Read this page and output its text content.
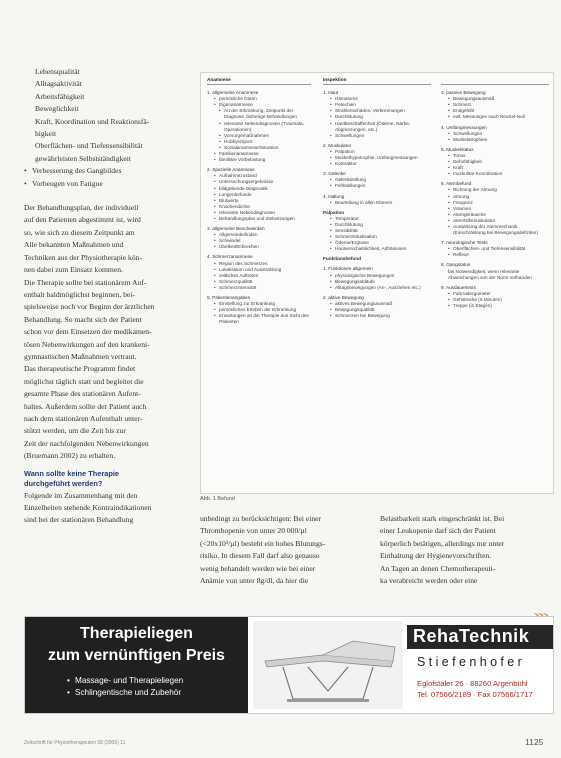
Lebensqualität

Alltagsaktivität

Arbeitsfähigkeit

Beweglichkeit

Kraft, Koordination und Reaktionsfä-

higkeit

Oberflächen- und Tiefensensibilität

gewährleisten Selbstständigkeit

• Verbesserung des Gangbildes
• Vorbeugen von Fatigue

Der Behandlungsplan, der individuell

auf den Patienten abgestimmt ist, wird

so, wie sich zu diesem Zeitpunkt am

Alle bekannten Maßnahmen und

Techniken aus der Physiotherapie kön-

nen dabei zum Einsatz kommen.

Die Therapie sollte bei stationärem Auf-

enthalt baldmöglichst beginnen, bei-

spielsweise noch vor Beginn der ärztlichen

Behandlung. So macht sich der Patient

schon vor dem Einsetzen der medikamen-

tösen Nebenwirkungen auf den krankeni-

gymnastischen Maßnahmen vertraut.

Das therapeutische Programm findet

möglichst täglich statt und begleitet die

gesamte Phase des stationären Aufent-

haltes. Außerdem sollte der Patient auch

nach dem stationären Aufenthalt unter-

stützt werden, um die Zeit bis zur

Zeit der nachfolgenden Nebenwirkungen

(Bruemann 2002) zu erhalten.

Wann sollte keine Therapie

durchgeführt werden?

Folgende im Zusammenhang mit den

Einzelheiten stehende Kontraindikationen

sind bei der stationären Behandlung

Anamnese
1. allgemeine Anamnese
• persönliche Daten
• Eigenanamnese
• Art der Erkrankung, Zeitpunkt der Diagnose, bisherige Behandlungen
• relevante Nebendiagnosen (Traumata, Operationen)
• Vorsorgemaßnahmen
• Hobbys/Sport
• Sozialanamnese/Situation
• Familienanamnese
• familiäre Vorbelastung
2. Spezielle Anamnese
• Aufnahmezustand
• Untersuchungsergebnisse
• bildgebende Diagnostik
• Lungenbefunde
• Blutwerte
• Knochendichte
• relevante Nebendiagnosen
• Behandlungsplan und Zielsetzungen
3. allgemeine Beschwerden
• Allgemeinbefinden
• Schwindel
• Übelkeit/Erbrechen
4. Schmerzanamnese
• Region des Schmerzes
• Lokalisation und Ausstrahlung
• zeitliches Auftreten
• Schmerzqualität
• Schmerzintensität
5. Patientenangaben
• Einstellung zur Erkrankung
• persönliches Erleben der Erkrankung
• Erwartungen an die Therapie aus Sicht des Patienten
Inspektion
1. Haut
• Hämatome
• Petechien
• Strahlenschäden, Verbrennungen
• Durchblutung
• Hautbeschaffenheit (Ödeme, Narbe, Abgrenzungen, etc.)
• Schwellungen
2. Muskulatur
• Palpation
• Muskelhypotrophie, Umfangmessungen
• Kontraktur
3. Gelenke
• Gelenkstellung
• Fehlstellungen
4. Haltung
• Beurteilung in allen Ebenen
Palpation
• Temperatur
• Durchblutung
• Sensibilität
• Schmerzlokalisation
• Ödeme/Ergüsse
• Hautverschieblichkeit, Adhäsionen
Funktionsbefund
1. Funktionen allgemein
• physiologische Bewegungen
• Bewegungsabläufe
• Alltagsbewegungen (An-, Ausziehen etc.)
2. aktive Bewegung
• aktives Bewegungsausmaß
• Bewegungsqualität
• Schmerzen bei Bewegung

3. passive Bewegung
• Bewegungsausmaß
• Schmerz
• Endgefühl
• evtl. Messungen nach Neutral-Null
4. Umfangmessungen
• Schwellungen
• Muskelatrophien
5. Muskelstatus
• Tonus
• Dehnfähigkeit
• Kraft
• muskuläre Koordination
6. Atembefund
• Richtung der Atmung
• Atmung
• Frequenz
• Volumen
• Atemgeräusche
• Atemhilfsmuskulatur
• Auswirkung der Atemmechanik (Einschränkung bei Bewegungsdefiziten)
7. neurologische Tests
• Oberflächen- und Tiefensensibilität
• Reflexe
8. Gangstatus
bei Notwendigkeit, wenn relevante Abweichungen von der Norm vorhanden
9. Ausdauertests
• Fahrradergometer
• Gehstrecke (6 Minuten)
• Treppe (in Etagen)
Abb. 1 Befund

unbedingt zu berücksichtigen: Bei einer

Thrombopenie von unter 20 000/µl

(<20x10³/µl) besteht ein hohes Blutungs-

risiko. In diesem Fall darf also genauso

wenig behandelt werden wie bei einer

Anämie von unter 8g/dl, da hier die

Belastbarkeit stark eingeschränkt ist. Bei

einer Leukopenie darf sich der Patient

körperlich betätigen, allerdings nur unter

Einhaltung der Hygienevorschriften.

An Tagen an denen Chemotherapeuti-

ka verabreicht werden oder eine

Therapieliegen
zum vernünftigen Preis
• Massage- und Therapieliegen
• Schlingentische und Zubehör
RehaTechnik
Stiefenhofer
Eglofstaler 26 · 88260 Argenbühl
Tel. 07566/2189 · Fax 07566/1717
Zeitschrift für Physiotherapeuten 58 (2006) 11	1125
